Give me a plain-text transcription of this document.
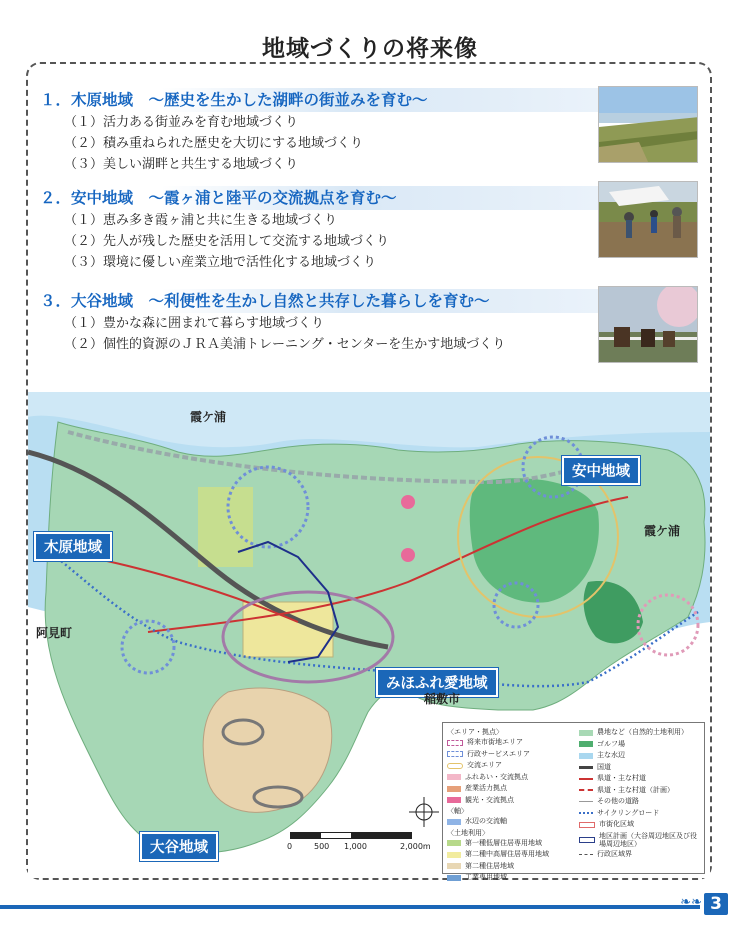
地域づくりの将来像
１．木原地域　～歴史を生かした湖畔の街並みを育む～
（１）活力ある街並みを育む地域づくり
（２）積み重ねられた歴史を大切にする地域づくり
（３）美しい湖畔と共生する地域づくり
２．安中地域　～霞ヶ浦と陸平の交流拠点を育む～
（１）恵み多き霞ヶ浦と共に生きる地域づくり
（２）先人が残した歴史を活用して交流する地域づくり
（３）環境に優しい産業立地で活性化する地域づくり
３．大谷地域　～利便性を生かし自然と共存した暮らしを育む～
（１）豊かな森に囲まれて暮らす地域づくり
（２）個性的資源のＪＲＡ美浦トレーニング・センターを生かす地域づくり
安中地域
木原地域
みほふれ愛地域
大谷地域
霞ケ浦
霞ケ浦
阿見町
稲敷市
0	500 1,000	2,000m
〈エリア・拠点〉
将来市街地エリア
行政サービスエリア
交流エリア
ふれあい・交流拠点
産業活力拠点
観光・交流拠点
〈軸〉
水辺の交流軸
〈土地利用〉
第一種低層住居専用地域
第二種中高層住居専用地域
第二種住居地域
工業専用地域
農地など（自然的土地利用）
ゴルフ場
主な水辺
国道
県道・主な村道
県道・主な村道（計画）
その他の道路
サイクリングロード
市街化区域
地区計画（大谷周辺地区及び役場周辺地区）
行政区域界
❧❧ 3
